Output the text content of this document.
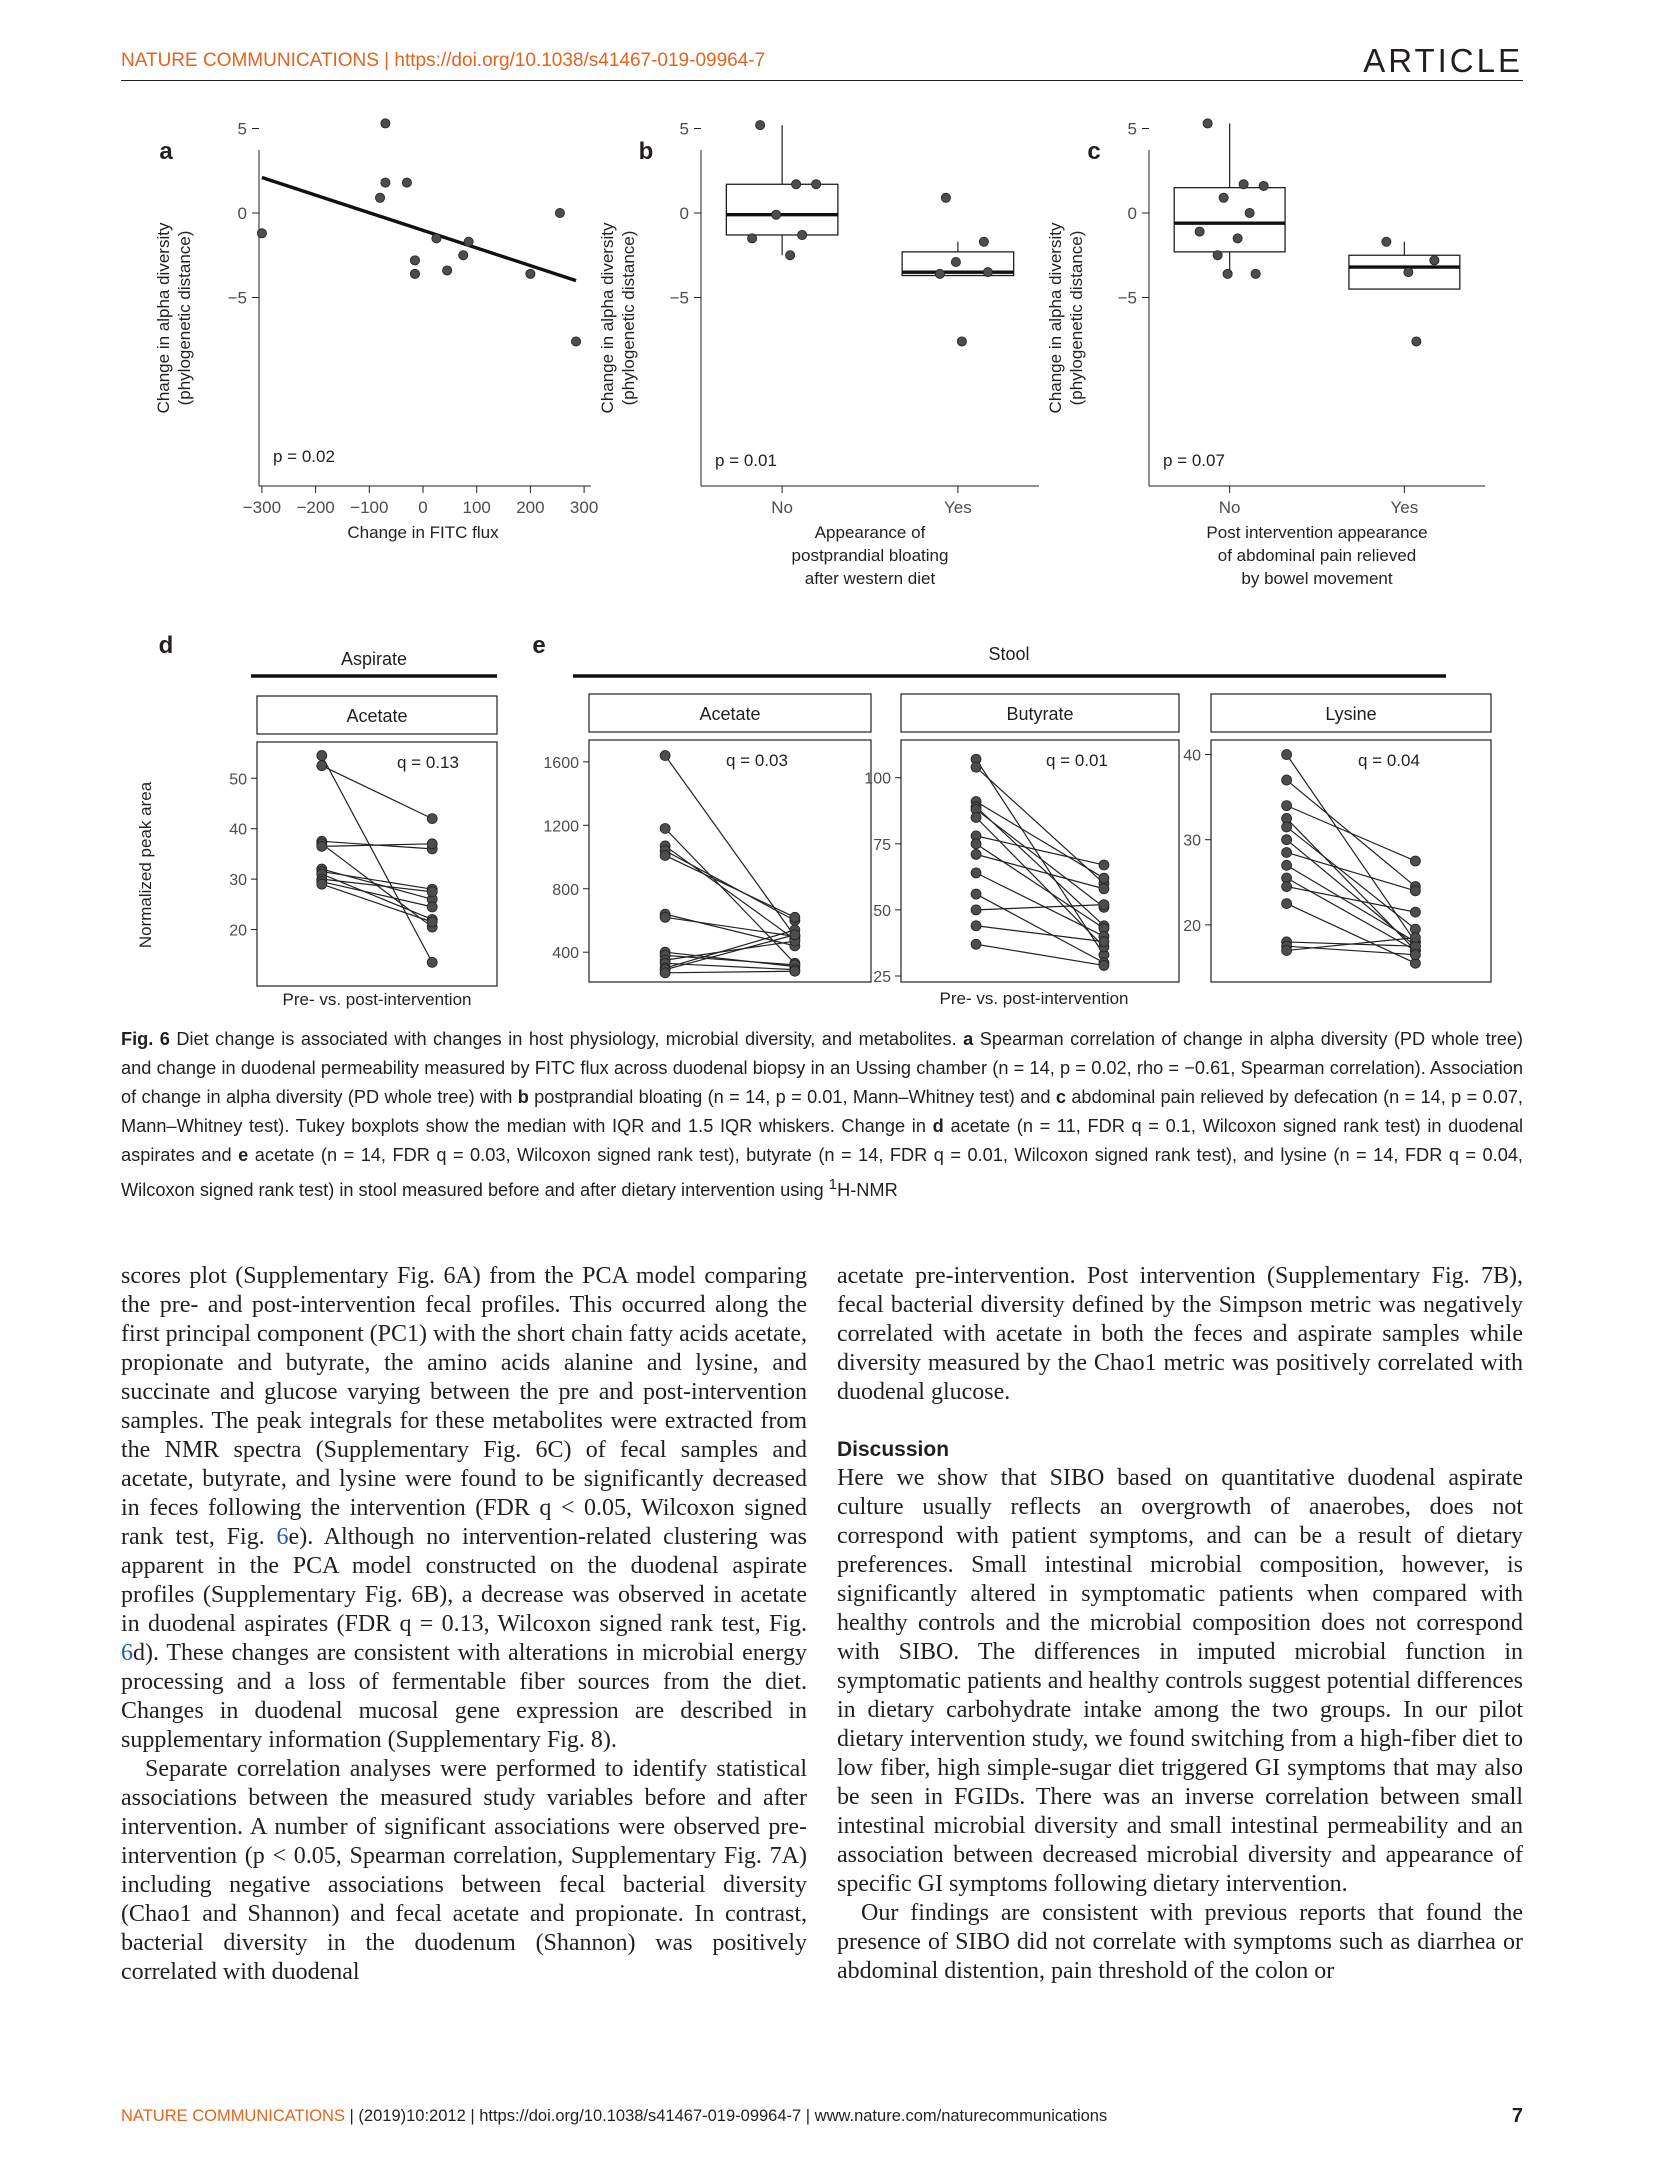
NATURE COMMUNICATIONS | https://doi.org/10.1038/s41467-019-09964-7	ARTICLE
a
5
0
−5
−300 −200 −100 0 100 200 300
Change in FITC flux
Change in alpha diversity (phylogenetic distance)
p = 0.02
b
5
0
−5
No	Yes
p = 0.01
Appearance of
postprandial bloating
after western diet
Change in alpha diversity (phylogenetic distance)
c
5
0
−5
No	Yes
p = 0.07
Post intervention appearance
of abdominal pain relieved
by bowel movement
Change in alpha diversity (phylogenetic distance)
d	Aspirate
Acetate
50
40
30
20
q = 0.13
Pre- vs. post-intervention
Normalized peak area
e	Stool
Acetate
1600
1200
800
400
q = 0.03
Butyrate
100
75
50
25
q = 0.01
Lysine
40
30
20
q = 0.04
Pre- vs. post-intervention
Fig. 6 Diet change is associated with changes in host physiology, microbial diversity, and metabolites. a Spearman correlation of change in alpha diversity (PD whole tree) and change in duodenal permeability measured by FITC flux across duodenal biopsy in an Ussing chamber (n = 14, p = 0.02, rho = −0.61, Spearman correlation). Association of change in alpha diversity (PD whole tree) with b postprandial bloating (n = 14, p = 0.01, Mann–Whitney test) and c abdominal pain relieved by defecation (n = 14, p = 0.07, Mann–Whitney test). Tukey boxplots show the median with IQR and 1.5 IQR whiskers. Change in d acetate (n = 11, FDR q = 0.1, Wilcoxon signed rank test) in duodenal aspirates and e acetate (n = 14, FDR q = 0.03, Wilcoxon signed rank test), butyrate (n = 14, FDR q = 0.01, Wilcoxon signed rank test), and lysine (n = 14, FDR q = 0.04, Wilcoxon signed rank test) in stool measured before and after dietary intervention using $^1$H-NMR

scores plot (Supplementary Fig. 6A) from the PCA model comparing the pre- and post-intervention fecal profiles. This occurred along the first principal component (PC1) with the short chain fatty acids acetate, propionate and butyrate, the amino acids alanine and lysine, and succinate and glucose varying between the pre and post-intervention samples. The peak integrals for these metabolites were extracted from the NMR spectra (Supplementary Fig. 6C) of fecal samples and acetate, butyrate, and lysine were found to be significantly decreased in feces following the intervention (FDR q < 0.05, Wilcoxon signed rank test, Fig. 6e). Although no intervention-related clustering was apparent in the PCA model constructed on the duodenal aspirate profiles (Supplementary Fig. 6B), a decrease was observed in acetate in duodenal aspirates (FDR q = 0.13, Wilcoxon signed rank test, Fig. 6d). These changes are consistent with alterations in microbial energy processing and a loss of fermentable fiber sources from the diet. Changes in duodenal mucosal gene expression are described in supplementary information (Supplementary Fig. 8).

Separate correlation analyses were performed to identify statistical associations between the measured study variables before and after intervention. A number of significant associations were observed pre-intervention (p < 0.05, Spearman correlation, Supplementary Fig. 7A) including negative associations between fecal bacterial diversity (Chao1 and Shannon) and fecal acetate and propionate. In contrast, bacterial diversity in the duodenum (Shannon) was positively correlated with duodenal

acetate pre-intervention. Post intervention (Supplementary Fig. 7B), fecal bacterial diversity defined by the Simpson metric was negatively correlated with acetate in both the feces and aspirate samples while diversity measured by the Chao1 metric was positively correlated with duodenal glucose.

Discussion

Here we show that SIBO based on quantitative duodenal aspirate culture usually reflects an overgrowth of anaerobes, does not correspond with patient symptoms, and can be a result of dietary preferences. Small intestinal microbial composition, however, is significantly altered in symptomatic patients when compared with healthy controls and the microbial composition does not correspond with SIBO. The differences in imputed microbial function in symptomatic patients and healthy controls suggest potential differences in dietary carbohydrate intake among the two groups. In our pilot dietary intervention study, we found switching from a high-fiber diet to low fiber, high simple-sugar diet triggered GI symptoms that may also be seen in FGIDs. There was an inverse correlation between small intestinal microbial diversity and small intestinal permeability and an association between decreased microbial diversity and appearance of specific GI symptoms following dietary intervention.

Our findings are consistent with previous reports that found the presence of SIBO did not correlate with symptoms such as diarrhea or abdominal distention, pain threshold of the colon or

NATURE COMMUNICATIONS | (2019)10:2012 | https://doi.org/10.1038/s41467-019-09964-7 | www.nature.com/naturecommunications	7
